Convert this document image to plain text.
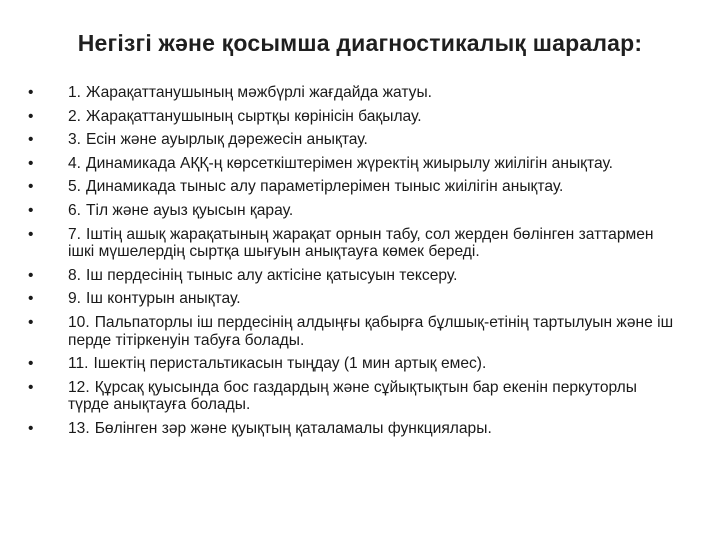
Негізгі және қосымша диагностикалық шаралар:
• 1. Жарақаттанушының мәжбүрлі жағдайда жатуы.
• 2. Жарақаттанушының сыртқы көрінісін бақылау.
• 3. Есін және ауырлық дәрежесін анықтау.
• 4. Динамикада АҚҚ-ң көрсеткіштерімен жүректің жиырылу жиілігін анықтау.
• 5. Динамикада тыныс алу параметірлерімен тыныс жиілігін анықтау.
• 6. Тіл және ауыз қуысын қарау.
• 7. Іштің ашық жарақатының жарақат орнын табу, сол жерден бөлінген заттармен ішкі мүшелердің сыртқа шығуын анықтауға көмек береді.
• 8. Іш пердесінің тыныс алу актісіне қатысуын тексеру.
• 9. Іш контурын анықтау.
• 10. Пальпаторлы іш пердесінің алдыңғы қабырға бұлшық-етінің тартылуын және іш перде тітіркенуін табуға болады.
• 11. Ішектің перистальтикасын тыңдау (1 мин артық емес).
• 12. Құрсақ қуысында бос газдардың және сұйықтықтын бар екенін перкуторлы түрде анықтауға болады.
• 13. Бөлінген зәр және қуықтың қаталамалы функциялары.
